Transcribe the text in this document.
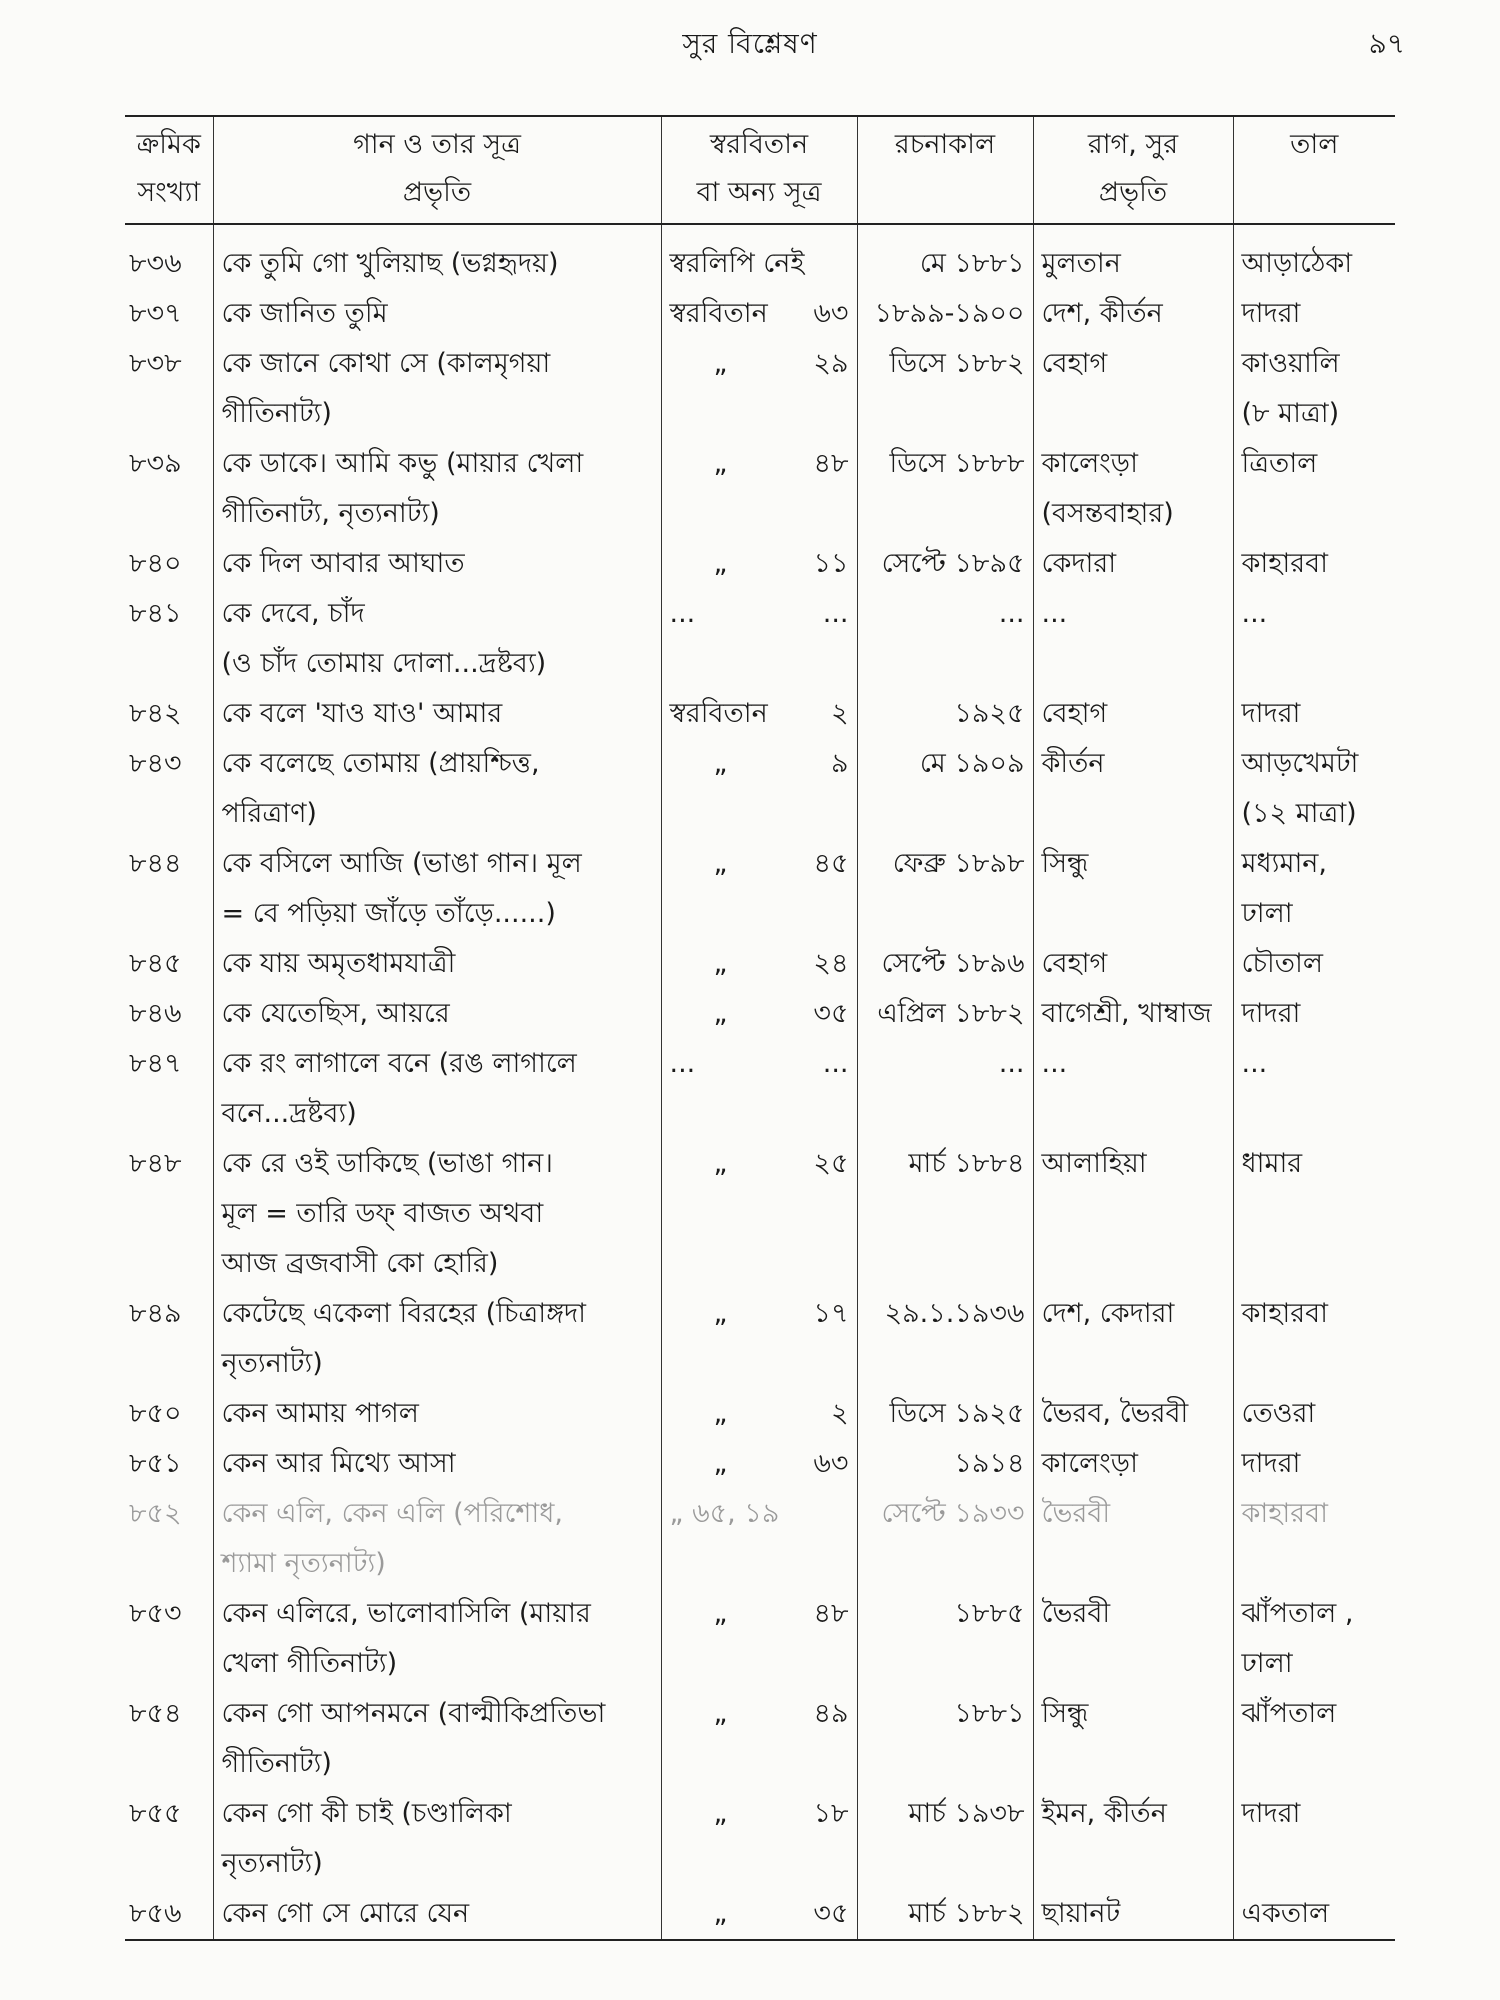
সুর বিশ্লেষণ	৯৭
ক্রমিক
সংখ্যা	গান ও তার সূত্র
প্রভৃতি	স্বরবিতান
বা অন্য সূত্র	রচনাকাল	রাগ, সুর
প্রভৃতি	তাল
৮৩৬	কে তুমি গো খুলিয়াছ (ভগ্নহৃদয়)	স্বরলিপি নেই	মে ১৮৮১	মুলতান	আড়াঠেকা
৮৩৭	কে জানিত তুমি	স্বরবিতান ৬৩	১৮৯৯-১৯০০	দেশ, কীর্তন	দাদরা
৮৩৮	কে জানে কোথা সে (কালমৃগয়া
গীতিনাট্য)	„ ২৯	ডিসে ১৮৮২	বেহাগ	কাওয়ালি
(৮ মাত্রা)
৮৩৯	কে ডাকে। আমি কভু (মায়ার খেলা
গীতিনাট্য, নৃত্যনাট্য)	„ ৪৮	ডিসে ১৮৮৮	কালেংড়া
(বসন্তবাহার)	ত্রিতাল
৮৪০	কে দিল আবার আঘাত	„ ১১	সেপ্টে ১৮৯৫	কেদারা	কাহারবা
৮৪১	কে দেবে, চাঁদ
(ও চাঁদ তোমায় দোলা...দ্রষ্টব্য)	... ...	...	...	...
৮৪২	কে বলে 'যাও যাও' আমার	স্বরবিতান ২	১৯২৫	বেহাগ	দাদরা
৮৪৩	কে বলেছে তোমায় (প্রায়শ্চিত্ত,
পরিত্রাণ)	„ ৯	মে ১৯০৯	কীর্তন	আড়খেমটা
(১২ মাত্রা)
৮৪৪	কে বসিলে আজি (ভাঙা গান। মূল
= বে পড়িয়া জাঁড়ে তাঁড়ে......)	„ ৪৫	ফেব্রু ১৮৯৮	সিন্ধু	মধ্যমান,
ঢালা
৮৪৫	কে যায় অমৃতধামযাত্রী	„ ২৪	সেপ্টে ১৮৯৬	বেহাগ	চৌতাল
৮৪৬	কে যেতেছিস, আয়রে	„ ৩৫	এপ্রিল ১৮৮২	বাগেশ্রী, খাম্বাজ	দাদরা
৮৪৭	কে রং লাগালে বনে (রঙ লাগালে
বনে...দ্রষ্টব্য)	... ...	...	...	...
৮৪৮	কে রে ওই ডাকিছে (ভাঙা গান।
মূল = তারি ডফ্ বাজত অথবা
আজ ব্রজবাসী কো হোরি)	„ ২৫	মার্চ ১৮৮৪	আলাহিয়া	ধামার
৮৪৯	কেটেছে একেলা বিরহের (চিত্রাঙ্গদা
নৃত্যনাট্য)	„ ১৭	২৯.১.১৯৩৬	দেশ, কেদারা	কাহারবা
৮৫০	কেন আমায় পাগল	„ ২	ডিসে ১৯২৫	ভৈরব, ভৈরবী	তেওরা
৮৫১	কেন আর মিথ্যে আসা	„ ৬৩	১৯১৪	কালেংড়া	দাদরা
৮৫২	কেন এলি, কেন এলি (পরিশোধ,
শ্যামা নৃত্যনাট্য)	„ ৬৫, ১৯	সেপ্টে ১৯৩৩	ভৈরবী	কাহারবা
৮৫৩	কেন এলিরে, ভালোবাসিলি (মায়ার
খেলা গীতিনাট্য)	„ ৪৮	১৮৮৫	ভৈরবী	ঝাঁপতাল ,
ঢালা
৮৫৪	কেন গো আপনমনে (বাল্মীকিপ্রতিভা
গীতিনাট্য)	„ ৪৯	১৮৮১	সিন্ধু	ঝাঁপতাল
৮৫৫	কেন গো কী চাই (চণ্ডালিকা
নৃত্যনাট্য)	„ ১৮	মার্চ ১৯৩৮	ইমন, কীর্তন	দাদরা
৮৫৬	কেন গো সে মোরে যেন	„ ৩৫	মার্চ ১৮৮২	ছায়ানট	একতাল
